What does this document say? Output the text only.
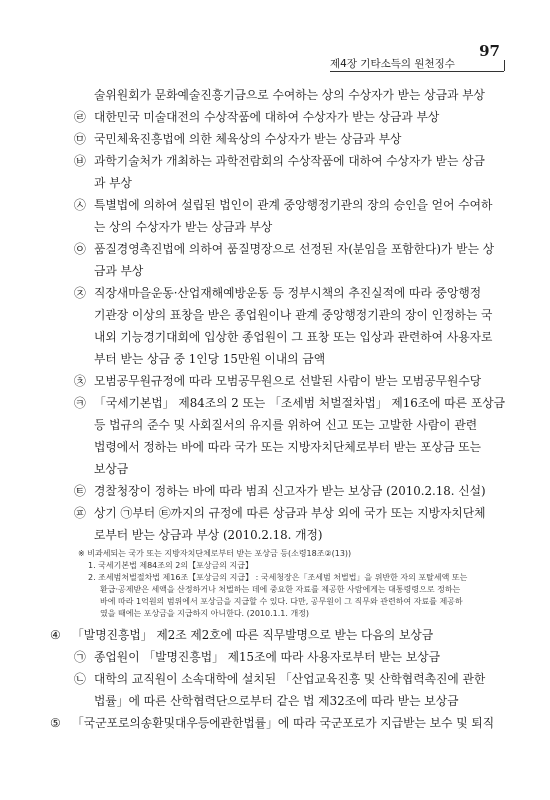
97
제4장 기타소득의 원천징수
술위원회가 문화예술진흥기금으로 수여하는 상의 수상자가 받는 상금과 부상
㉣ 대한민국 미술대전의 수상작품에 대하여 수상자가 받는 상금과 부상
㉤ 국민체육진흥법에 의한 체육상의 수상자가 받는 상금과 부상
㉥ 과학기술처가 개최하는 과학전람회의 수상작품에 대하여 수상자가 받는 상금
과 부상
㉦ 특별법에 의하여 설립된 법인이 관계 중앙행정기관의 장의 승인을 얻어 수여하
는 상의 수상자가 받는 상금과 부상
㉧ 품질경영촉진법에 의하여 품질명장으로 선정된 자(분임을 포함한다)가 받는 상
금과 부상
㉨ 직장새마을운동·산업재해예방운동 등 정부시책의 추진실적에 따라 중앙행정
기관장 이상의 표창을 받은 종업원이나 관계 중앙행정기관의 장이 인정하는 국
내외 기능경기대회에 입상한 종업원이 그 표창 또는 입상과 관련하여 사용자로
부터 받는 상금 중 1인당 15만원 이내의 금액
㉩ 모범공무원규정에 따라 모범공무원으로 선발된 사람이 받는 모범공무원수당
㉪ 「국세기본법」 제84조의 2 또는 「조세범 처벌절차법」 제16조에 따른 포상금
등 법규의 준수 및 사회질서의 유지를 위하여 신고 또는 고발한 사람이 관련
법령에서 정하는 바에 따라 국가 또는 지방자치단체로부터 받는 포상금 또는
보상금
㉫ 경찰청장이 정하는 바에 따라 범죄 신고자가 받는 보상금 (2010.2.18. 신설)
㉬ 상기 ㉠부터 ㉫까지의 규정에 따른 상금과 부상 외에 국가 또는 지방자치단체
로부터 받는 상금과 부상 (2010.2.18. 개정)
※ 비과세되는 국가 또는 지방자치단체로부터 받는 포상금 등(소령18조②(13))
1. 국세기본법 제84조의 2의【포상금의 지급】
2. 조세범처벌절차법 제16조【포상금의 지급】 : 국세청장은「조세범 처벌법」을 위반한 자의 포탈세액 또는
환급·공제받은 세액을 산정하거나 처벌하는 데에 중요한 자료를 제공한 사람에게는 대통령령으로 정하는
바에 따라 1억원의 범위에서 포상금을 지급할 수 있다. 다만, 공무원이 그 직무와 관련하여 자료를 제공하
였을 때에는 포상금을 지급하지 아니한다. (2010.1.1. 개정)
④ 「발명진흥법」 제2조 제2호에 따른 직무발명으로 받는 다음의 보상금
㉠ 종업원이 「발명진흥법」 제15조에 따라 사용자로부터 받는 보상금
㉡ 대학의 교직원이 소속대학에 설치된 「산업교육진흥 및 산학협력촉진에 관한
법률」에 따른 산학협력단으로부터 같은 법 제32조에 따라 받는 보상금
⑤ 「국군포로의송환및대우등에관한법률」에 따라 국군포로가 지급받는 보수 및 퇴직
